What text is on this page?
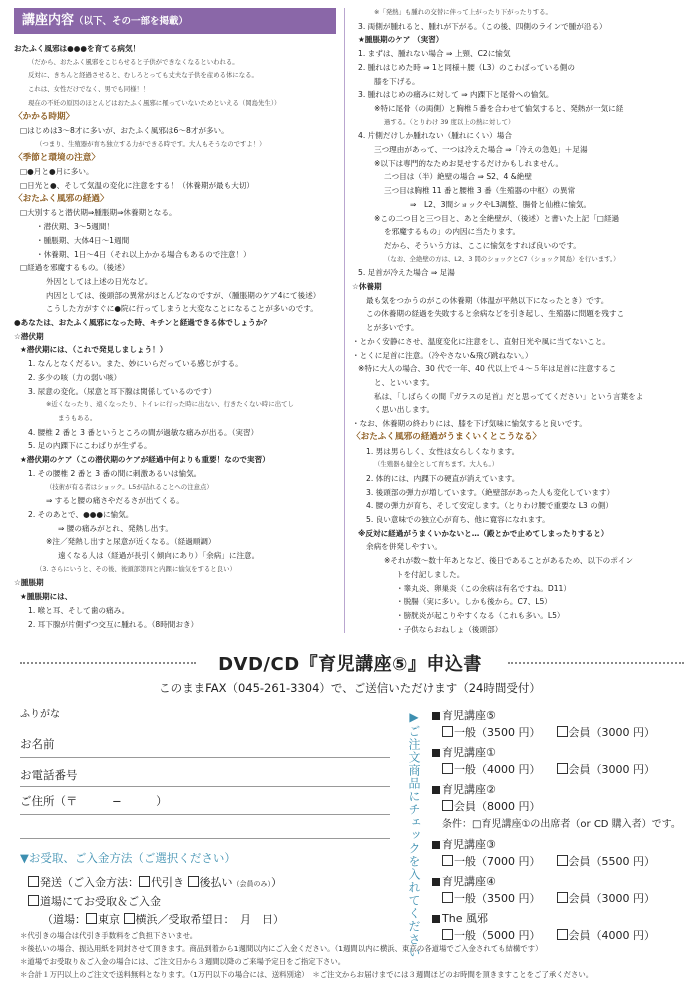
講座内容（以下、その一部を掲載）

おたふく風邪は●●●を育てる病気！

（だから、おたふく風邪をこじらせると子供ができなくなるといわれる。

反対に、きちんと経過させると、むしろとっても丈夫な子供を産める体になる。

これは、女性だけでなく、男でも同様！！

現在の不妊の原因のほとんどはおたふく風邪に罹っていないためといえる（岡島先生））

〈かかる時期〉

□はじめは3〜8才に多いが、おたふく風邪は6〜8才が多い。

（つまり、生殖器が育ち独立する力ができる時です。大人もそうなのですよ！）

〈季節と環境の注意〉

□●月と●月に多い。

□日光と●、そして気温の変化に注意をする！（休養期が最も大切）

〈おたふく風邪の経過〉

□大別すると潜伏期⇒腫脹期⇒休養期となる。

・潜伏期、3〜5週間！

・腫脹期、大体4日〜1週間

・休養期、1日〜4日（それ以上かかる場合もあるので注意！）

□経過を邪魔するもの。（後述）

外因としては上述の日光など。

内因としては、後頭部の異常がほとんどなのですが、（腫脹期のケア4にて後述）

こうした方がすぐに●院に行ってしまうと大変なことになることが多いのです。

●あなたは、おたふく風邪になった時、キチンと経過できる体でしょうか？

☆潜伏期

★潜伏期には、（これで発見しましょう！）

1. なんとなくだるい。また、妙にいらだっている感じがする。

2. 多少の咳（力の弱い咳）

3. 尿意の変化。（尿意と耳下腺は関係しているのです）

※近くなったり、遠くなったり、トイレに行った時に出ない、行きたくない時に出てし

まうもある。

4. 腰椎 2 番と 3 番というところの間が過敏な痛みが出る。（実習）

5. 足の内踝下にこわばりが生ずる。

★潜伏期のケア（この潜伏期のケアが経過中何よりも重要！なので実習）

1. その腰椎 2 番と 3 番の間に刺激あるいは愉気。

（技術が有る者はショック。L5が詰れることへの注意点）

⇒ すると腰の痛さやだるさが出てくる。

2. そのあとで、●●●に愉気。

⇒ 腰の痛みがとれ、発熱し出す。

※注／発熱し出すと尿意が近くなる。（経過順調）

遠くなる人は（経過が長引く傾向にあり）「余病」に注意。

（3. さらにいうと、その後、後頭部第四と内踝に愉気をすると良い）

☆腫脹期

★腫脹期には、

1. 喉と耳、そして歯の痛み。

2. 耳下腺が片側ずつ交互に腫れる。（8時間おき）

※「発熱」も腫れの交替に伴って上がったり下がったりする。

3. 両側が腫れると、腫れが下がる。（この後、四側のラインで腫が沿る）

★腫脹期のケア （実習）

1. まずは、腫れない場合 ⇒ 上頸、C2に愉気

2. 腫れはじめた時 ⇒ 1と同様＋腰（L3）のこわばっている側の

膝を下げる。

3. 腫れはじめの痛みに対して ⇒ 内踝下と尾骨への愉気。

※特に尾骨（の両側）と胸椎５番を合わせて愉気すると、発熱が一気に経

過する。（とりわけ 39 度以上の熱に対して）

4. 片側だけしか腫れない（腫れにくい）場合

三つ理由があって、一つは冷えた場合 ⇒「冷えの急処」＋足湯

※以下は専門的なためお見せするだけかもしれません。

二つ目は（半）絶壁の場合 ⇒ S2、4 &絶壁

三つ目は胸椎 11 番と腰椎 3 番（生殖器の中枢）の異常

⇒　L2、3間ショックやL3調整、腸骨と仙椎に愉気。

※この二つ目と三つ目と、あと全絶壁が、（後述）と書いた上記「□経過

を邪魔するもの」の内因に当たります。

だから、そういう方は、ここに愉気をすれば良いのです。

（なお、全絶壁の方は、L2、3 間のショックとC7（ショック岡島）を行います。）

5. 足首が冷えた場合 ⇒ 足湯

☆休養期

最も気をつかうのがこの休養期（体温が平熱以下になったとき）です。

この休養期の経過を失敗すると余病などを引き起し、生殖器に問題を残すこ

とが多いです。

・とかく安静にさせ、温度変化に注意をし、直射日光や風に当てないこと。

・とくに足首に注意。（冷やさない&飛び跳ねない。）

※特に大人の場合、30 代で一年、40 代以上で４〜５年は足首に注意するこ

と、といいます。

私は、「しばらくの間『ガラスの足首』だと思っててください」という言葉をよ

く思い出します。

・なお、休養期の終わりには、膝を下げ気味に愉気すると良いです。

〈おたふく風邪の経過がうまくいくとこうなる〉

1. 男は男らしく、女性は女らしくなります。

（生殖器も健全として育ちます。大人も。）

2. 体的には、内踝下の硬直が消えています。

3. 後頭部の弾力が増しています。（絶壁部があった人も変化しています）

4. 腰の弾力が育ち、そして安定します。（とりわけ腰で重要な L3 の側）

5. 良い意味での独立心が育ち、他に寛容になれます。

※反対に経過がうまくいかないと…（殿とかで止めてしまったりすると）

余病を併発しやすい。

※それが数〜数十年あとなど、後日であることがあるため、以下のポイン

トを付記しました。

・睾丸炎、卵巣炎（この余病は有名ですね。D11）

・脱腸（実に多い。しかも後から。C7、L5）

・膀胱炎が起こりやすくなる（これも多い。L5）

・子供ならおねしょ（後頭部）

DVD/CD『育児講座⑤』申込書
このままFAX（045-261-3304）で、ご送信いただけます（24時間受付）
ふりがな
お名前
お電話番号
ご住所（〒　　　−　　　）
▼お受取、ご入金方法（ご選択ください）
発送（ご入金方法： 代引き 後払い（会員のみ））
道場にてお受取＆ご入金
（道場： 東京 横浜／受取希望日：　月　日）
＊代引きの場合は代引き手数料をご負担下さいませ。
＊後払いの場合、振込用紙を同封させて頂きます。商品到着から1週間以内にご入金ください。（1週間以内に横浜、東京の各道場でご入金されても結構です）
＊道場でお受取り＆ご入金の場合には、ご注文日から３週間以降のご来場予定日をご指定下さい。
＊合計１万円以上のご注文で送料無料となります。（1万円以下の場合には、送料別途）　＊ご注文からお届けまでには３週間ほどのお時間を頂きますことをご了承ください。
▶ご注文商品にチェックを入れてください	育児講座⑤
一般（3500 円）	会員（3000 円）
育児講座①
一般（4000 円）	会員（3000 円）
育児講座②
会員（8000 円）
条件：□育児講座①の出席者（or CD 購入者）です。
育児講座③
一般（7000 円）	会員（5500 円）
育児講座④
一般（3500 円）	会員（3000 円）
The 風邪
一般（5000 円）	会員（4000 円）
